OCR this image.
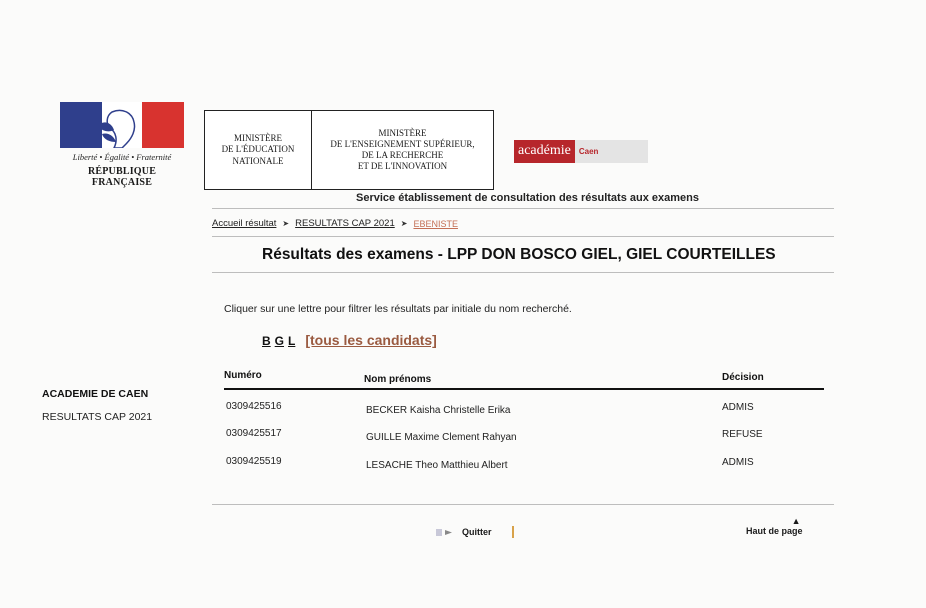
Liberté • Égalité • Fraternité
RÉPUBLIQUE FRANÇAISE
MINISTÈRE
DE L'ÉDUCATION
NATIONALE
MINISTÈRE
DE L'ENSEIGNEMENT SUPÉRIEUR,
DE LA RECHERCHE
ET DE L'INNOVATION
académie	Caen
Service établissement de consultation des résultats aux examens
Accueil résultat ➤ RESULTATS CAP 2021 ➤ EBENISTE
Résultats des examens - LPP DON BOSCO GIEL, GIEL COURTEILLES
Cliquer sur une lettre pour filtrer les résultats par initiale du nom recherché.
B G L [tous les candidats]
ACADEMIE DE CAEN
RESULTATS CAP 2021
Numéro	Nom prénoms	Décision
0309425516	BECKER Kaisha Christelle Erika	ADMIS
0309425517	GUILLE Maxime Clement Rahyan	REFUSE
0309425519	LESACHE Theo Matthieu Albert	ADMIS
Quitter
▲
Haut de page
